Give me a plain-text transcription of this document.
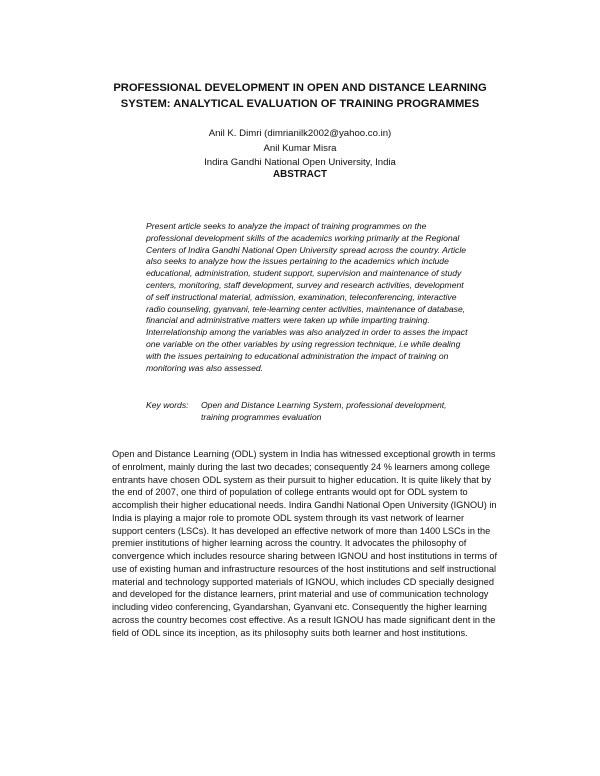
PROFESSIONAL DEVELOPMENT IN OPEN AND DISTANCE LEARNING
SYSTEM: ANALYTICAL EVALUATION OF TRAINING PROGRAMMES
Anil K. Dimri (dimrianilk2002@yahoo.co.in)
Anil Kumar Misra
Indira Gandhi National Open University, India
ABSTRACT
Present article seeks to analyze the impact of training programmes on the
professional development skills of the academics working primarily at the Regional
Centers of Indira Gandhi National Open University spread across the country. Article
also seeks to analyze how the issues pertaining to the academics which include
educational, administration, student support, supervision and maintenance of study
centers, monitoring, staff development, survey and research activities, development
of self instructional material, admission, examination, teleconferencing, interactive
radio counseling, gyanvani, tele-learning center activities, maintenance of database,
financial and administrative matters were taken up while imparting training.
Interrelationship among the variables was also analyzed in order to asses the impact
one variable on the other variables by using regression technique, i.e while dealing
with the issues pertaining to educational administration the impact of training on
monitoring was also assessed.
Key words: Open and Distance Learning System, professional development,
training programmes evaluation
Open and Distance Learning (ODL) system in India has witnessed exceptional growth in terms
of enrolment, mainly during the last two decades; consequently 24 % learners among college
entrants have chosen ODL system as their pursuit to higher education. It is quite likely that by
the end of 2007, one third of population of college entrants would opt for ODL system to
accomplish their higher educational needs. Indira Gandhi National Open University (IGNOU) in
India is playing a major role to promote ODL system through its vast network of learner
support centers (LSCs). It has developed an effective network of more than 1400 LSCs in the
premier institutions of higher learning across the country. It advocates the philosophy of
convergence which includes resource sharing between IGNOU and host institutions in terms of
use of existing human and infrastructure resources of the host institutions and self instructional
material and technology supported materials of IGNOU, which includes CD specially designed
and developed for the distance learners, print material and use of communication technology
including video conferencing, Gyandarshan, Gyanvani etc. Consequently the higher learning
across the country becomes cost effective. As a result IGNOU has made significant dent in the
field of ODL since its inception, as its philosophy suits both learner and host institutions.
